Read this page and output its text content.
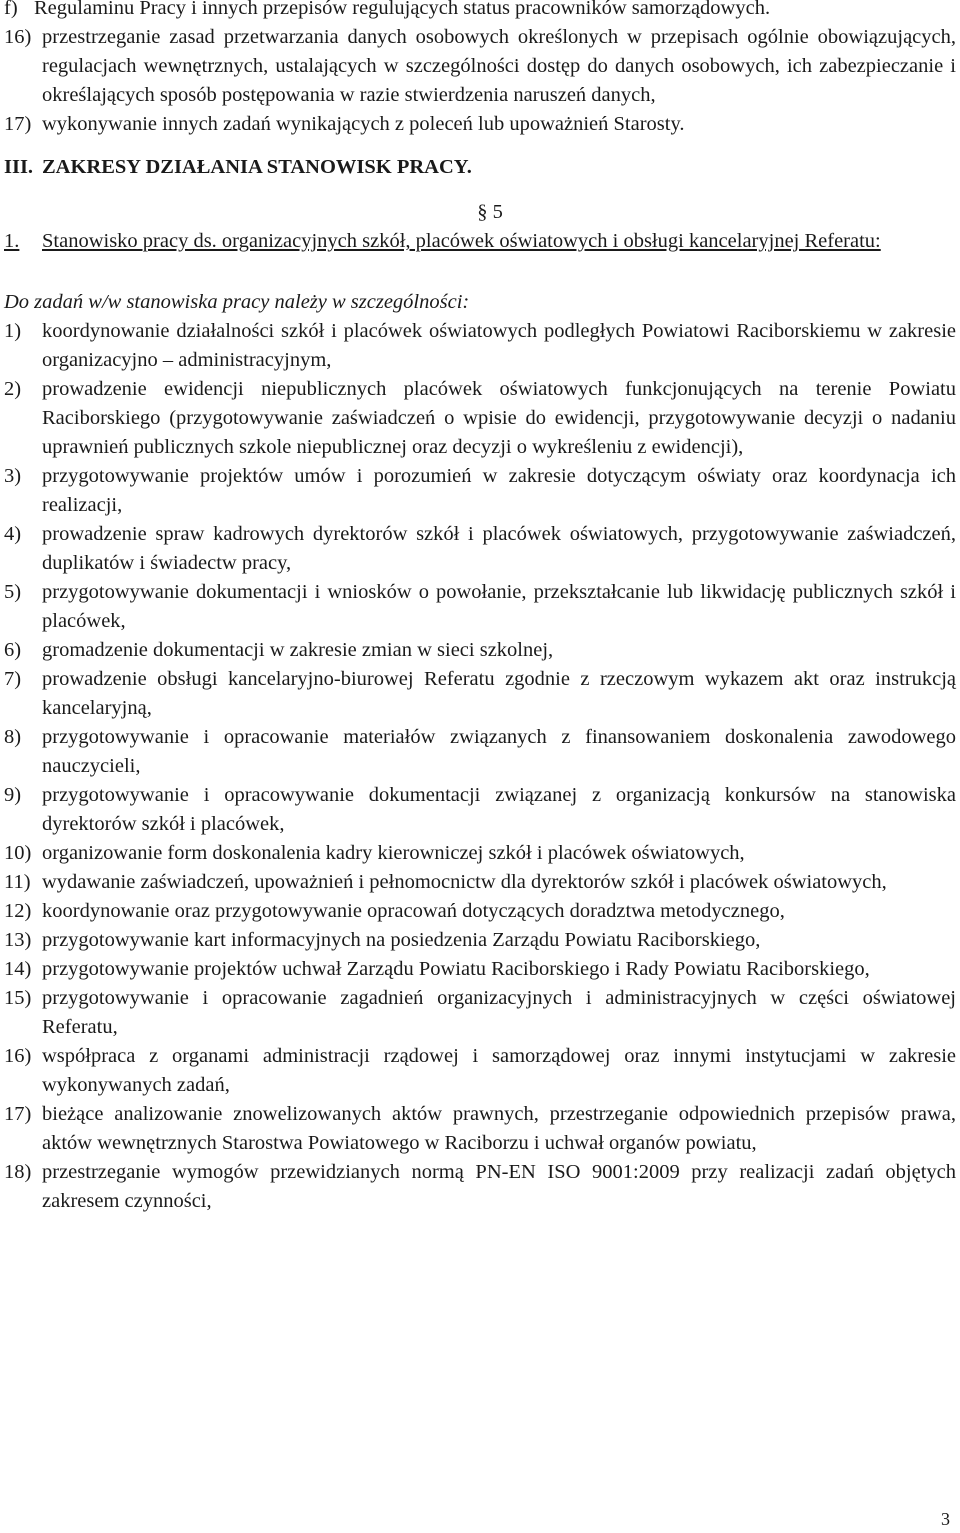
f) Regulaminu Pracy i innych przepisów regulujących status pracowników samorządowych.
16) przestrzeganie zasad przetwarzania danych osobowych określonych w przepisach ogólnie obowiązujących, regulacjach wewnętrznych, ustalających w szczególności dostęp do danych osobowych, ich zabezpieczanie i określających sposób postępowania w razie stwierdzenia naruszeń danych,
17) wykonywanie innych zadań wynikających z poleceń lub upoważnień Starosty.
III. ZAKRESY DZIAŁANIA STANOWISK PRACY.
§ 5
1.	Stanowisko pracy ds. organizacyjnych szkół, placówek oświatowych i obsługi kancelaryjnej Referatu:
Do zadań w/w stanowiska pracy należy w szczególności:
1)	koordynowanie działalności szkół i placówek oświatowych podległych Powiatowi Raciborskiemu w zakresie organizacyjno – administracyjnym,
2)	prowadzenie ewidencji niepublicznych placówek oświatowych funkcjonujących na terenie Powiatu Raciborskiego (przygotowywanie zaświadczeń o wpisie do ewidencji, przygotowywanie decyzji o nadaniu uprawnień publicznych szkole niepublicznej oraz decyzji o wykreśleniu z ewidencji),
3)	przygotowywanie projektów umów i porozumień w zakresie dotyczącym oświaty oraz koordynacja ich realizacji,
4)	prowadzenie spraw kadrowych dyrektorów szkół i placówek oświatowych, przygotowywanie zaświadczeń, duplikatów i świadectw pracy,
5)	przygotowywanie dokumentacji i wniosków o powołanie, przekształcanie lub likwidację publicznych szkół i placówek,
6)	gromadzenie dokumentacji w zakresie zmian w sieci szkolnej,
7)	prowadzenie obsługi kancelaryjno-biurowej Referatu zgodnie z rzeczowym wykazem akt oraz instrukcją kancelaryjną,
8)	przygotowywanie i opracowanie materiałów związanych z finansowaniem doskonalenia zawodowego nauczycieli,
9)	przygotowywanie i opracowywanie dokumentacji związanej z organizacją konkursów na stanowiska dyrektorów szkół i placówek,
10) organizowanie form doskonalenia kadry kierowniczej szkół i placówek oświatowych,
11) wydawanie zaświadczeń, upoważnień i pełnomocnictw dla dyrektorów szkół i placówek oświatowych,
12) koordynowanie oraz przygotowywanie opracowań dotyczących doradztwa metodycznego,
13) przygotowywanie kart informacyjnych na posiedzenia Zarządu Powiatu Raciborskiego,
14) przygotowywanie projektów uchwał Zarządu Powiatu Raciborskiego i Rady Powiatu Raciborskiego,
15) przygotowywanie i opracowanie zagadnień organizacyjnych i administracyjnych w części oświatowej Referatu,
16) współpraca z organami administracji rządowej i samorządowej oraz innymi instytucjami w zakresie wykonywanych zadań,
17) bieżące analizowanie znowelizowanych aktów prawnych, przestrzeganie odpowiednich przepisów prawa, aktów wewnętrznych Starostwa Powiatowego w Raciborzu i uchwał organów powiatu,
18) przestrzeganie wymogów przewidzianych normą PN-EN ISO 9001:2009 przy realizacji zadań objętych zakresem czynności,
3
